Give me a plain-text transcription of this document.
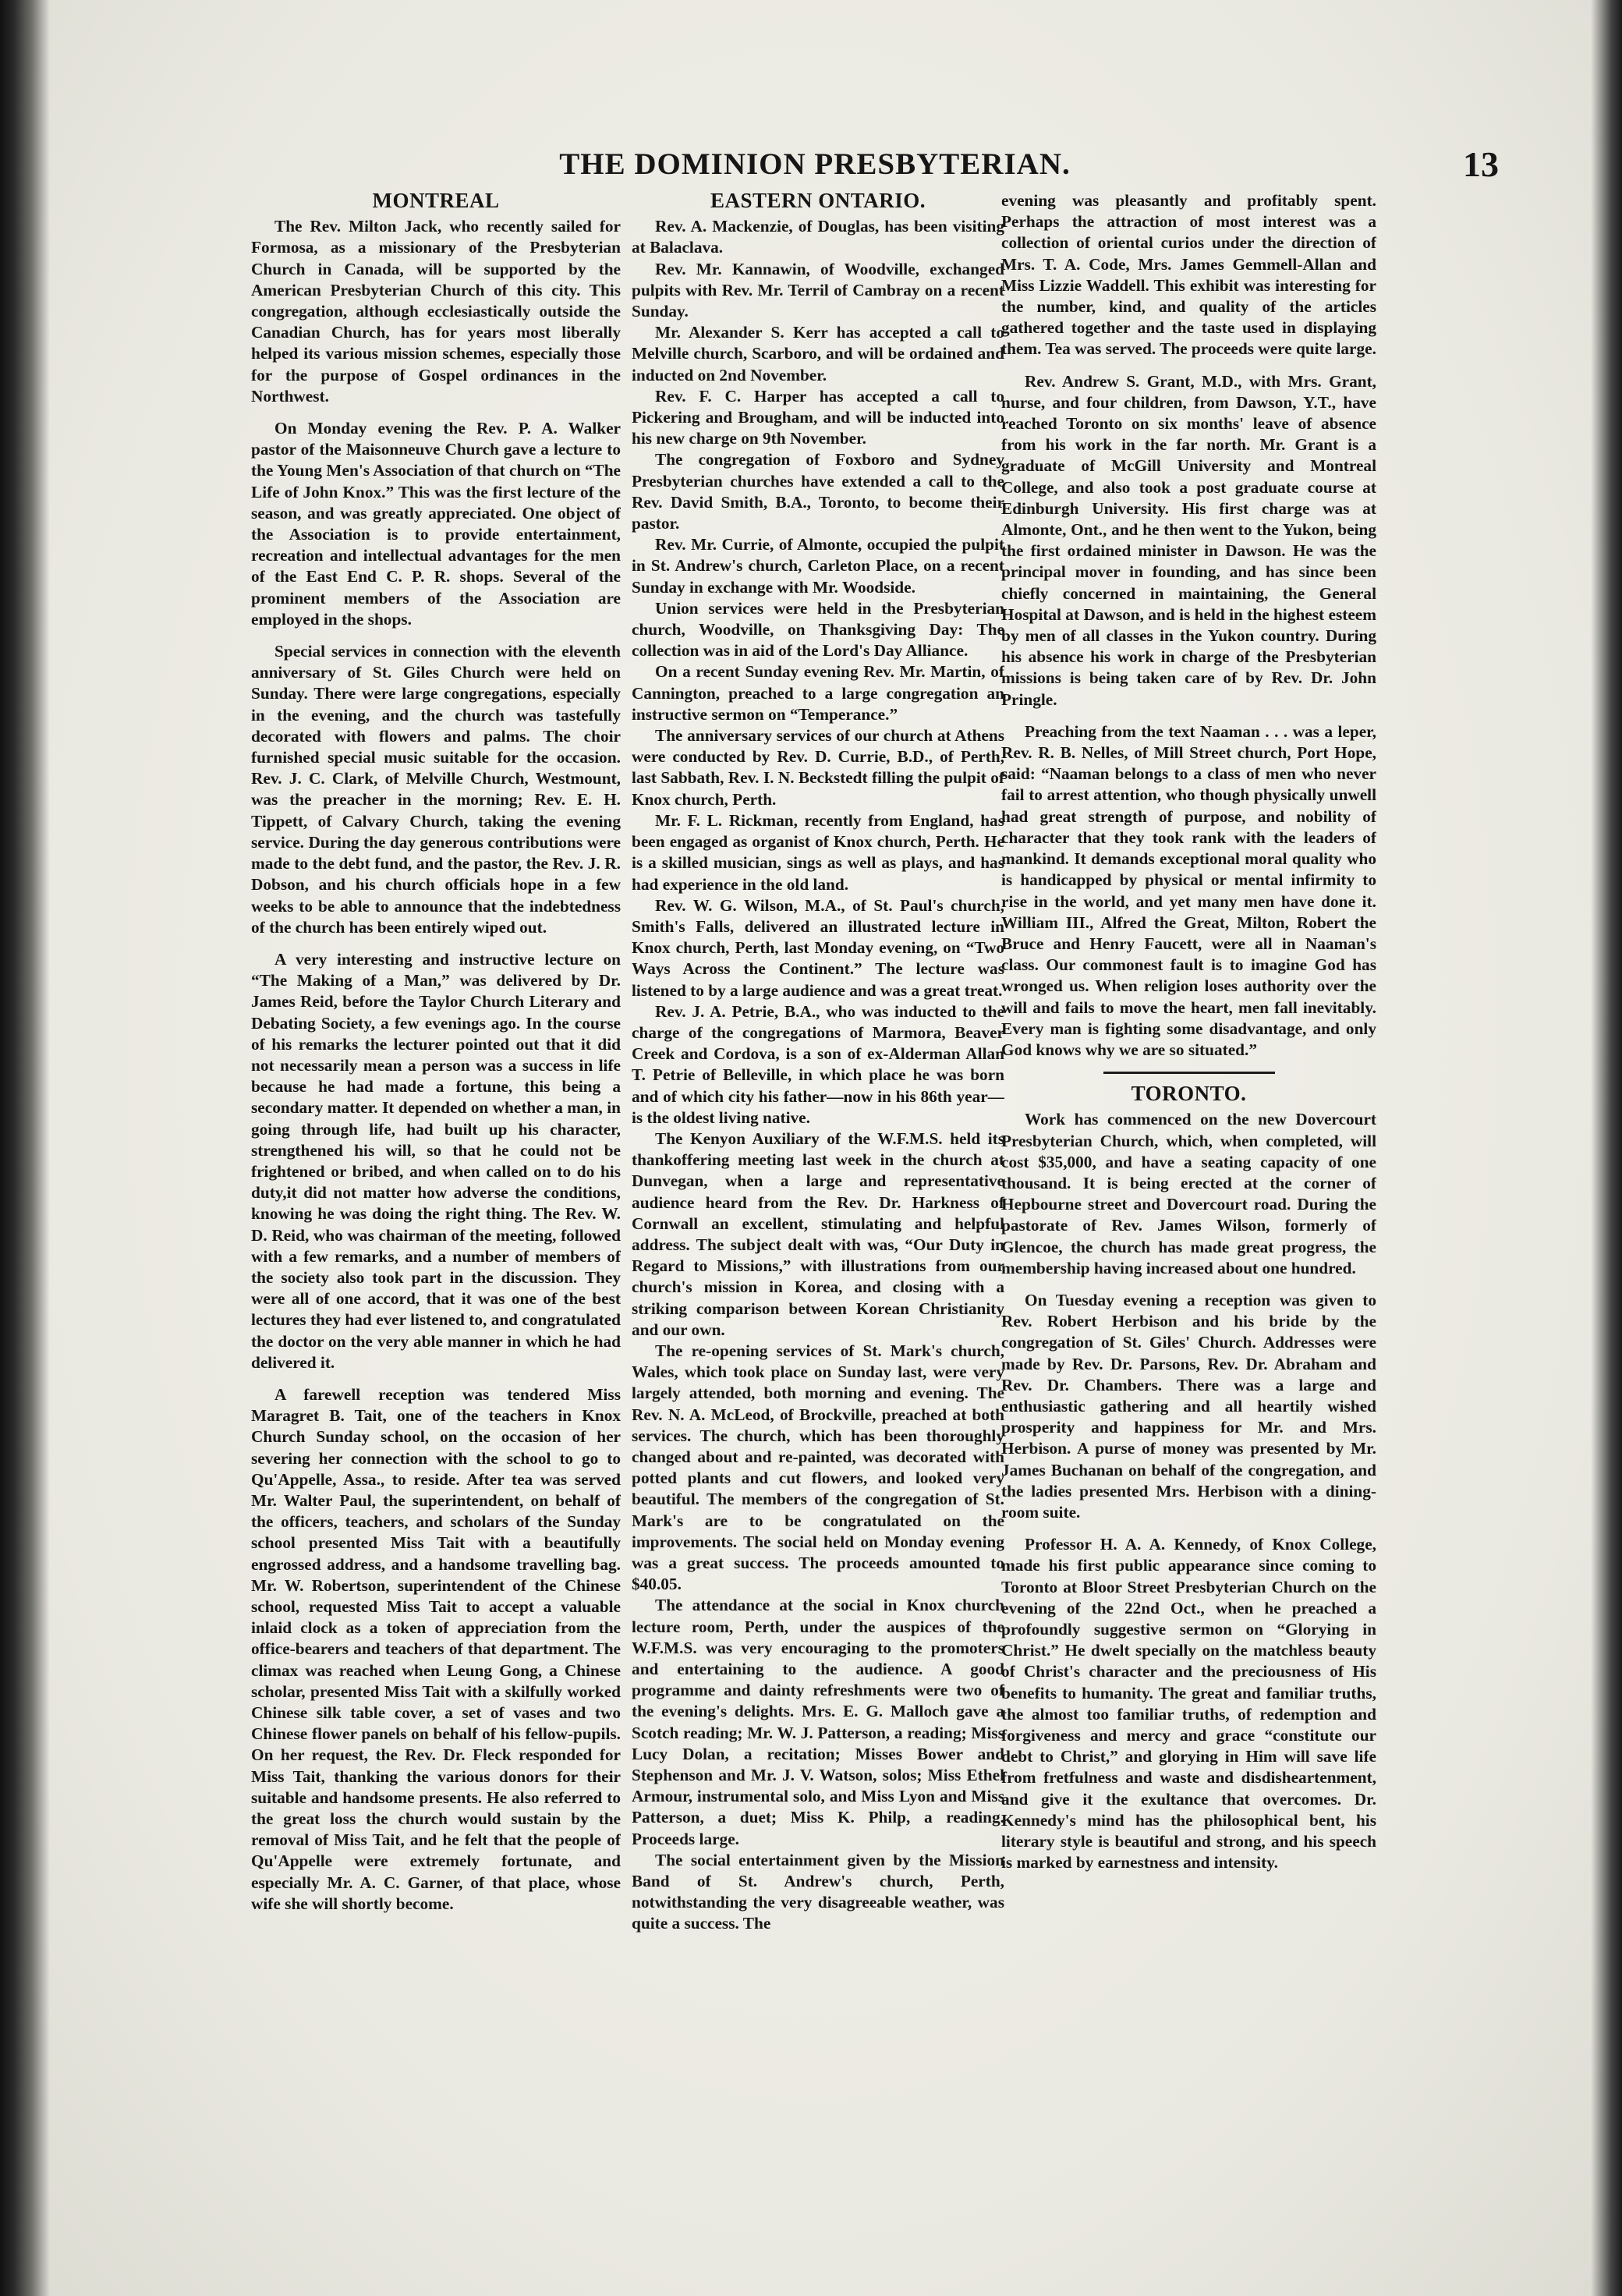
THE DOMINION PRESBYTERIAN.	13
MONTREAL

The Rev. Milton Jack, who recently sailed for Formosa, as a missionary of the Presbyterian Church in Canada, will be supported by the American Presbyterian Church of this city. This congregation, although ecclesiastically outside the Canadian Church, has for years most liberally helped its various mission schemes, especially those for the purpose of Gospel ordinances in the Northwest.

On Monday evening the Rev. P. A. Walker pastor of the Maisonneuve Church gave a lecture to the Young Men's Association of that church on “The Life of John Knox.” This was the first lecture of the season, and was greatly appreciated. One object of the Association is to provide entertainment, recreation and intellectual advantages for the men of the East End C. P. R. shops. Several of the prominent members of the Association are employed in the shops.

Special services in connection with the eleventh anniversary of St. Giles Church were held on Sunday. There were large congregations, especially in the evening, and the church was tastefully decorated with flowers and palms. The choir furnished special music suitable for the occasion. Rev. J. C. Clark, of Melville Church, Westmount, was the preacher in the morning; Rev. E. H. Tippett, of Calvary Church, taking the evening service. During the day generous contributions were made to the debt fund, and the pastor, the Rev. J. R. Dobson, and his church officials hope in a few weeks to be able to announce that the indebtedness of the church has been entirely wiped out.

A very interesting and instructive lecture on “The Making of a Man,” was delivered by Dr. James Reid, before the Taylor Church Literary and Debating Society, a few evenings ago. In the course of his remarks the lecturer pointed out that it did not necessarily mean a person was a success in life because he had made a fortune, this being a secondary matter. It depended on whether a man, in going through life, had built up his character, strengthened his will, so that he could not be frightened or bribed, and when called on to do his duty,it did not matter how adverse the conditions, knowing he was doing the right thing. The Rev. W. D. Reid, who was chairman of the meeting, followed with a few remarks, and a number of members of the society also took part in the discussion. They were all of one accord, that it was one of the best lectures they had ever listened to, and congratulated the doctor on the very able manner in which he had delivered it.

A farewell reception was tendered Miss Maragret B. Tait, one of the teachers in Knox Church Sunday school, on the occasion of her severing her connection with the school to go to Qu'Appelle, Assa., to reside. After tea was served Mr. Walter Paul, the superintendent, on behalf of the officers, teachers, and scholars of the Sunday school presented Miss Tait with a beautifully engrossed address, and a handsome travelling bag. Mr. W. Robertson, superintendent of the Chinese school, requested Miss Tait to accept a valuable inlaid clock as a token of appreciation from the office-bearers and teachers of that department. The climax was reached when Leung Gong, a Chinese scholar, presented Miss Tait with a skilfully worked Chinese silk table cover, a set of vases and two Chinese flower panels on behalf of his fellow-pupils. On her request, the Rev. Dr. Fleck responded for Miss Tait, thanking the various donors for their suitable and handsome presents. He also referred to the great loss the church would sustain by the removal of Miss Tait, and he felt that the people of Qu'Appelle were extremely fortunate, and especially Mr. A. C. Garner, of that place, whose wife she will shortly become.

EASTERN ONTARIO.

Rev. A. Mackenzie, of Douglas, has been visiting at Balaclava.

Rev. Mr. Kannawin, of Woodville, exchanged pulpits with Rev. Mr. Terril of Cambray on a recent Sunday.

Mr. Alexander S. Kerr has accepted a call to Melville church, Scarboro, and will be ordained and inducted on 2nd November.

Rev. F. C. Harper has accepted a call to Pickering and Brougham, and will be inducted into his new charge on 9th November.

The congregation of Foxboro and Sydney Presbyterian churches have extended a call to the Rev. David Smith, B.A., Toronto, to become their pastor.

Rev. Mr. Currie, of Almonte, occupied the pulpit in St. Andrew's church, Carleton Place, on a recent Sunday in exchange with Mr. Woodside.

Union services were held in the Presbyterian church, Woodville, on Thanksgiving Day: The collection was in aid of the Lord's Day Alliance.

On a recent Sunday evening Rev. Mr. Martin, of Cannington, preached to a large congregation an instructive sermon on “Temperance.”

The anniversary services of our church at Athens were conducted by Rev. D. Currie, B.D., of Perth, last Sabbath, Rev. I. N. Beckstedt filling the pulpit of Knox church, Perth.

Mr. F. L. Rickman, recently from England, has been engaged as organist of Knox church, Perth. He is a skilled musician, sings as well as plays, and has had experience in the old land.

Rev. W. G. Wilson, M.A., of St. Paul's church, Smith's Falls, delivered an illustrated lecture in Knox church, Perth, last Monday evening, on “Two Ways Across the Continent.” The lecture was listened to by a large audience and was a great treat.

Rev. J. A. Petrie, B.A., who was inducted to the charge of the congregations of Marmora, Beaver Creek and Cordova, is a son of ex-Alderman Allan T. Petrie of Belleville, in which place he was born and of which city his father—now in his 86th year—is the oldest living native.

The Kenyon Auxiliary of the W.F.M.S. held its thankoffering meeting last week in the church at Dunvegan, when a large and representative audience heard from the Rev. Dr. Harkness of Cornwall an excellent, stimulating and helpful address. The subject dealt with was, “Our Duty in Regard to Missions,” with illustrations from our church's mission in Korea, and closing with a striking comparison between Korean Christianity and our own.

The re-opening services of St. Mark's church, Wales, which took place on Sunday last, were very largely attended, both morning and evening. The Rev. N. A. McLeod, of Brockville, preached at both services. The church, which has been thoroughly changed about and re-painted, was decorated with potted plants and cut flowers, and looked very beautiful. The members of the congregation of St. Mark's are to be congratulated on the improvements. The social held on Monday evening was a great success. The proceeds amounted to $40.05.

The attendance at the social in Knox church lecture room, Perth, under the auspices of the W.F.M.S. was very encouraging to the promoters and entertaining to the audience. A good programme and dainty refreshments were two of the evening's delights. Mrs. E. G. Malloch gave a Scotch reading; Mr. W. J. Patterson, a reading; Miss Lucy Dolan, a recitation; Misses Bower and Stephenson and Mr. J. V. Watson, solos; Miss Ethel Armour, instrumental solo, and Miss Lyon and Miss Patterson, a duet; Miss K. Philp, a reading. Proceeds large.

The social entertainment given by the Mission Band of St. Andrew's church, Perth, notwithstanding the very disagreeable weather, was quite a success. The

evening was pleasantly and profitably spent. Perhaps the attraction of most interest was a collection of oriental curios under the direction of Mrs. T. A. Code, Mrs. James Gemmell-Allan and Miss Lizzie Waddell. This exhibit was interesting for the number, kind, and quality of the articles gathered together and the taste used in displaying them. Tea was served. The proceeds were quite large.

Rev. Andrew S. Grant, M.D., with Mrs. Grant, nurse, and four children, from Dawson, Y.T., have reached Toronto on six months' leave of absence from his work in the far north. Mr. Grant is a graduate of McGill University and Montreal College, and also took a post graduate course at Edinburgh University. His first charge was at Almonte, Ont., and he then went to the Yukon, being the first ordained minister in Dawson. He was the principal mover in founding, and has since been chiefly concerned in maintaining, the General Hospital at Dawson, and is held in the highest esteem by men of all classes in the Yukon country. During his absence his work in charge of the Presbyterian missions is being taken care of by Rev. Dr. John Pringle.

Preaching from the text Naaman . . . was a leper, Rev. R. B. Nelles, of Mill Street church, Port Hope, said: “Naaman belongs to a class of men who never fail to arrest attention, who though physically unwell had great strength of purpose, and nobility of character that they took rank with the leaders of mankind. It demands exceptional moral quality who is handicapped by physical or mental infirmity to rise in the world, and yet many men have done it. William III., Alfred the Great, Milton, Robert the Bruce and Henry Faucett, were all in Naaman's class. Our commonest fault is to imagine God has wronged us. When religion loses authority over the will and fails to move the heart, men fall inevitably. Every man is fighting some disadvantage, and only God knows why we are so situated.”

TORONTO.

Work has commenced on the new Dovercourt Presbyterian Church, which, when completed, will cost $35,000, and have a seating capacity of one thousand. It is being erected at the corner of Hepbourne street and Dovercourt road. During the pastorate of Rev. James Wilson, formerly of Glencoe, the church has made great progress, the membership having increased about one hundred.

On Tuesday evening a reception was given to Rev. Robert Herbison and his bride by the congregation of St. Giles' Church. Addresses were made by Rev. Dr. Parsons, Rev. Dr. Abraham and Rev. Dr. Chambers. There was a large and enthusiastic gathering and all heartily wished prosperity and happiness for Mr. and Mrs. Herbison. A purse of money was presented by Mr. James Buchanan on behalf of the congregation, and the ladies presented Mrs. Herbison with a dining-room suite.

Professor H. A. A. Kennedy, of Knox College, made his first public appearance since coming to Toronto at Bloor Street Presbyterian Church on the evening of the 22nd Oct., when he preached a profoundly suggestive sermon on “Glorying in Christ.” He dwelt specially on the matchless beauty of Christ's character and the preciousness of His benefits to humanity. The great and familiar truths, the almost too familiar truths, of redemption and forgiveness and mercy and grace “constitute our debt to Christ,” and glorying in Him will save life from fretfulness and waste and disdisheartenment, and give it the exultance that overcomes. Dr. Kennedy's mind has the philosophical bent, his literary style is beautiful and strong, and his speech is marked by earnestness and intensity.
